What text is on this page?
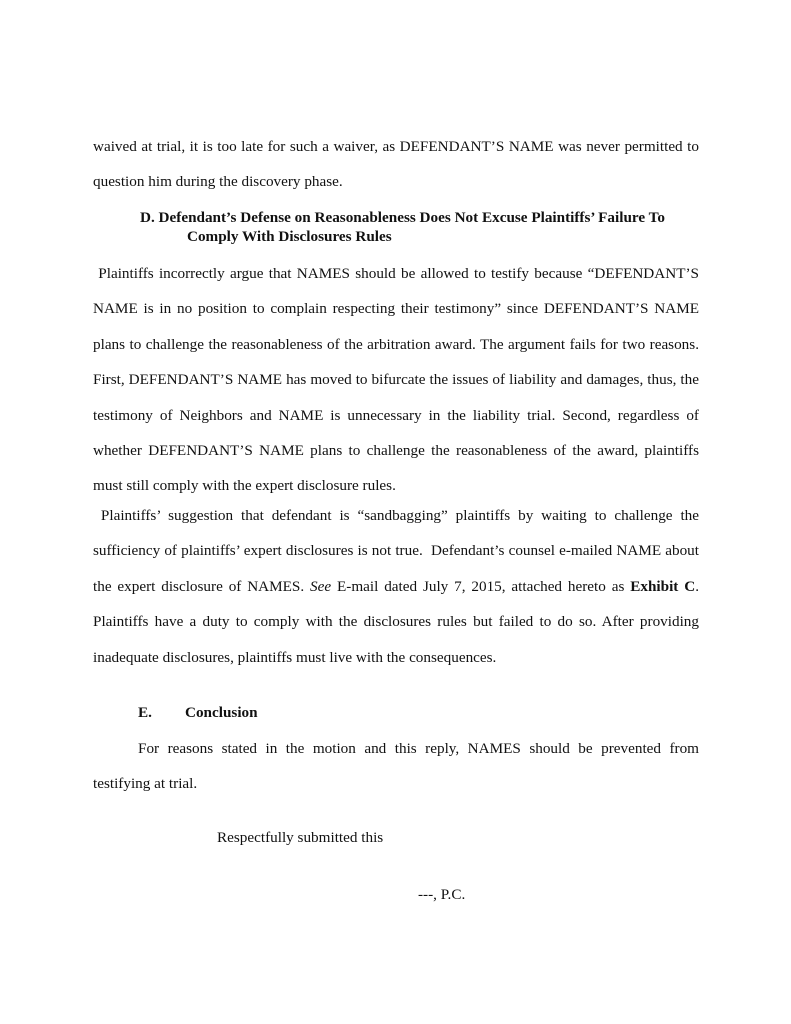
waived at trial, it is too late for such a waiver, as DEFENDANT’S NAME was never permitted to question him during the discovery phase.

D. Defendant’s Defense on Reasonableness Does Not Excuse Plaintiffs’ Failure To
Comply With Disclosures Rules

Plaintiffs incorrectly argue that NAMES should be allowed to testify because “DEFENDANT’S NAME is in no position to complain respecting their testimony” since DEFENDANT’S NAME plans to challenge the reasonableness of the arbitration award. The argument fails for two reasons. First, DEFENDANT’S NAME has moved to bifurcate the issues of liability and damages, thus, the testimony of Neighbors and NAME is unnecessary in the liability trial. Second, regardless of whether DEFENDANT’S NAME plans to challenge the reasonableness of the award, plaintiffs must still comply with the expert disclosure rules.

Plaintiffs’ suggestion that defendant is “sandbagging” plaintiffs by waiting to challenge the sufficiency of plaintiffs’ expert disclosures is not true.  Defendant’s counsel e-mailed NAME about the expert disclosure of NAMES. See E-mail dated July 7, 2015, attached hereto as Exhibit C. Plaintiffs have a duty to comply with the disclosures rules but failed to do so. After providing inadequate disclosures, plaintiffs must live with the consequences.

E. Conclusion

For reasons stated in the motion and this reply, NAMES should be prevented from testifying at trial.

Respectfully submitted this

---, P.C.
